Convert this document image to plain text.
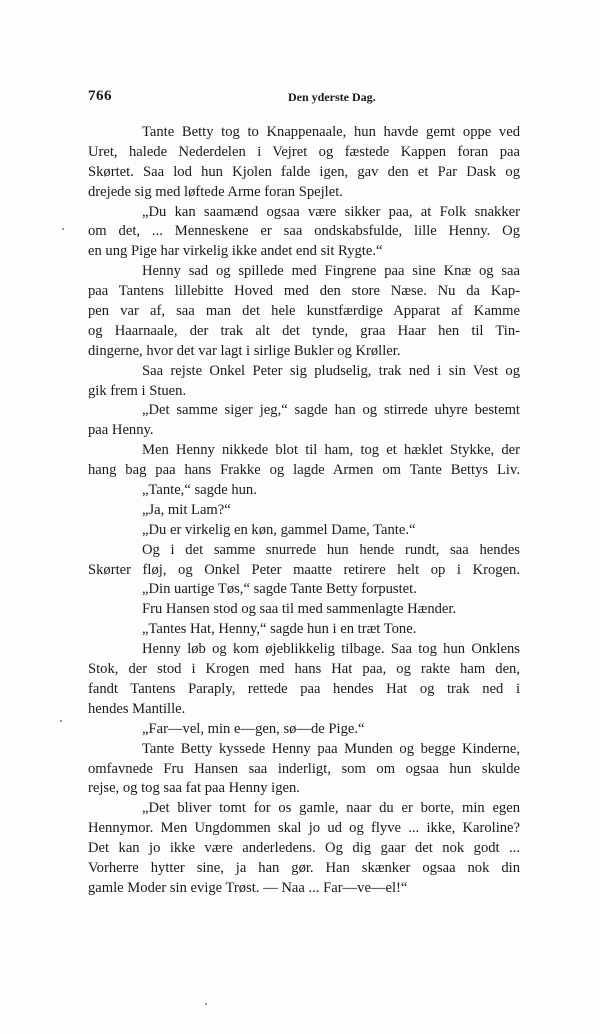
766	Den yderste Dag.
Tante Betty tog to Knappenaale, hun havde gemt oppe ved
Uret, halede Nederdelen i Vejret og fæstede Kappen foran paa
Skørtet. Saa lod hun Kjolen falde igen, gav den et Par Dask og
drejede sig med løftede Arme foran Spejlet.
„Du kan saamænd ogsaa være sikker paa, at Folk snakker
om det, ... Menneskene er saa ondskabsfulde, lille Henny. Og
en ung Pige har virkelig ikke andet end sit Rygte.“
Henny sad og spillede med Fingrene paa sine Knæ og saa
paa Tantens lillebitte Hoved med den store Næse. Nu da Kap-
pen var af, saa man det hele kunstfærdige Apparat af Kamme
og Haarnaale, der trak alt det tynde, graa Haar hen til Tin-
dingerne, hvor det var lagt i sirlige Bukler og Krøller.
Saa rejste Onkel Peter sig pludselig, trak ned i sin Vest og
gik frem i Stuen.
„Det samme siger jeg,“ sagde han og stirrede uhyre bestemt
paa Henny.
Men Henny nikkede blot til ham, tog et hæklet Stykke, der
hang bag paa hans Frakke og lagde Armen om Tante Bettys Liv.
„Tante,“ sagde hun.
„Ja, mit Lam?“
„Du er virkelig en køn, gammel Dame, Tante.“
Og i det samme snurrede hun hende rundt, saa hendes
Skørter fløj, og Onkel Peter maatte retirere helt op i Krogen.
„Din uartige Tøs,“ sagde Tante Betty forpustet.
Fru Hansen stod og saa til med sammenlagte Hænder.
„Tantes Hat, Henny,“ sagde hun i en træt Tone.
Henny løb og kom øjeblikkelig tilbage. Saa tog hun Onklens
Stok, der stod i Krogen med hans Hat paa, og rakte ham den,
fandt Tantens Paraply, rettede paa hendes Hat og trak ned i
hendes Mantille.
„Far—vel, min e—gen, sø—de Pige.“
Tante Betty kyssede Henny paa Munden og begge Kinderne,
omfavnede Fru Hansen saa inderligt, som om ogsaa hun skulde
rejse, og tog saa fat paa Henny igen.
„Det bliver tomt for os gamle, naar du er borte, min egen
Hennymor. Men Ungdommen skal jo ud og flyve ... ikke, Karoline?
Det kan jo ikke være anderledens. Og dig gaar det nok godt ...
Vorherre hytter sine, ja han gør. Han skænker ogsaa nok din
gamle Moder sin evige Trøst. — Naa ... Far—ve—el!“
